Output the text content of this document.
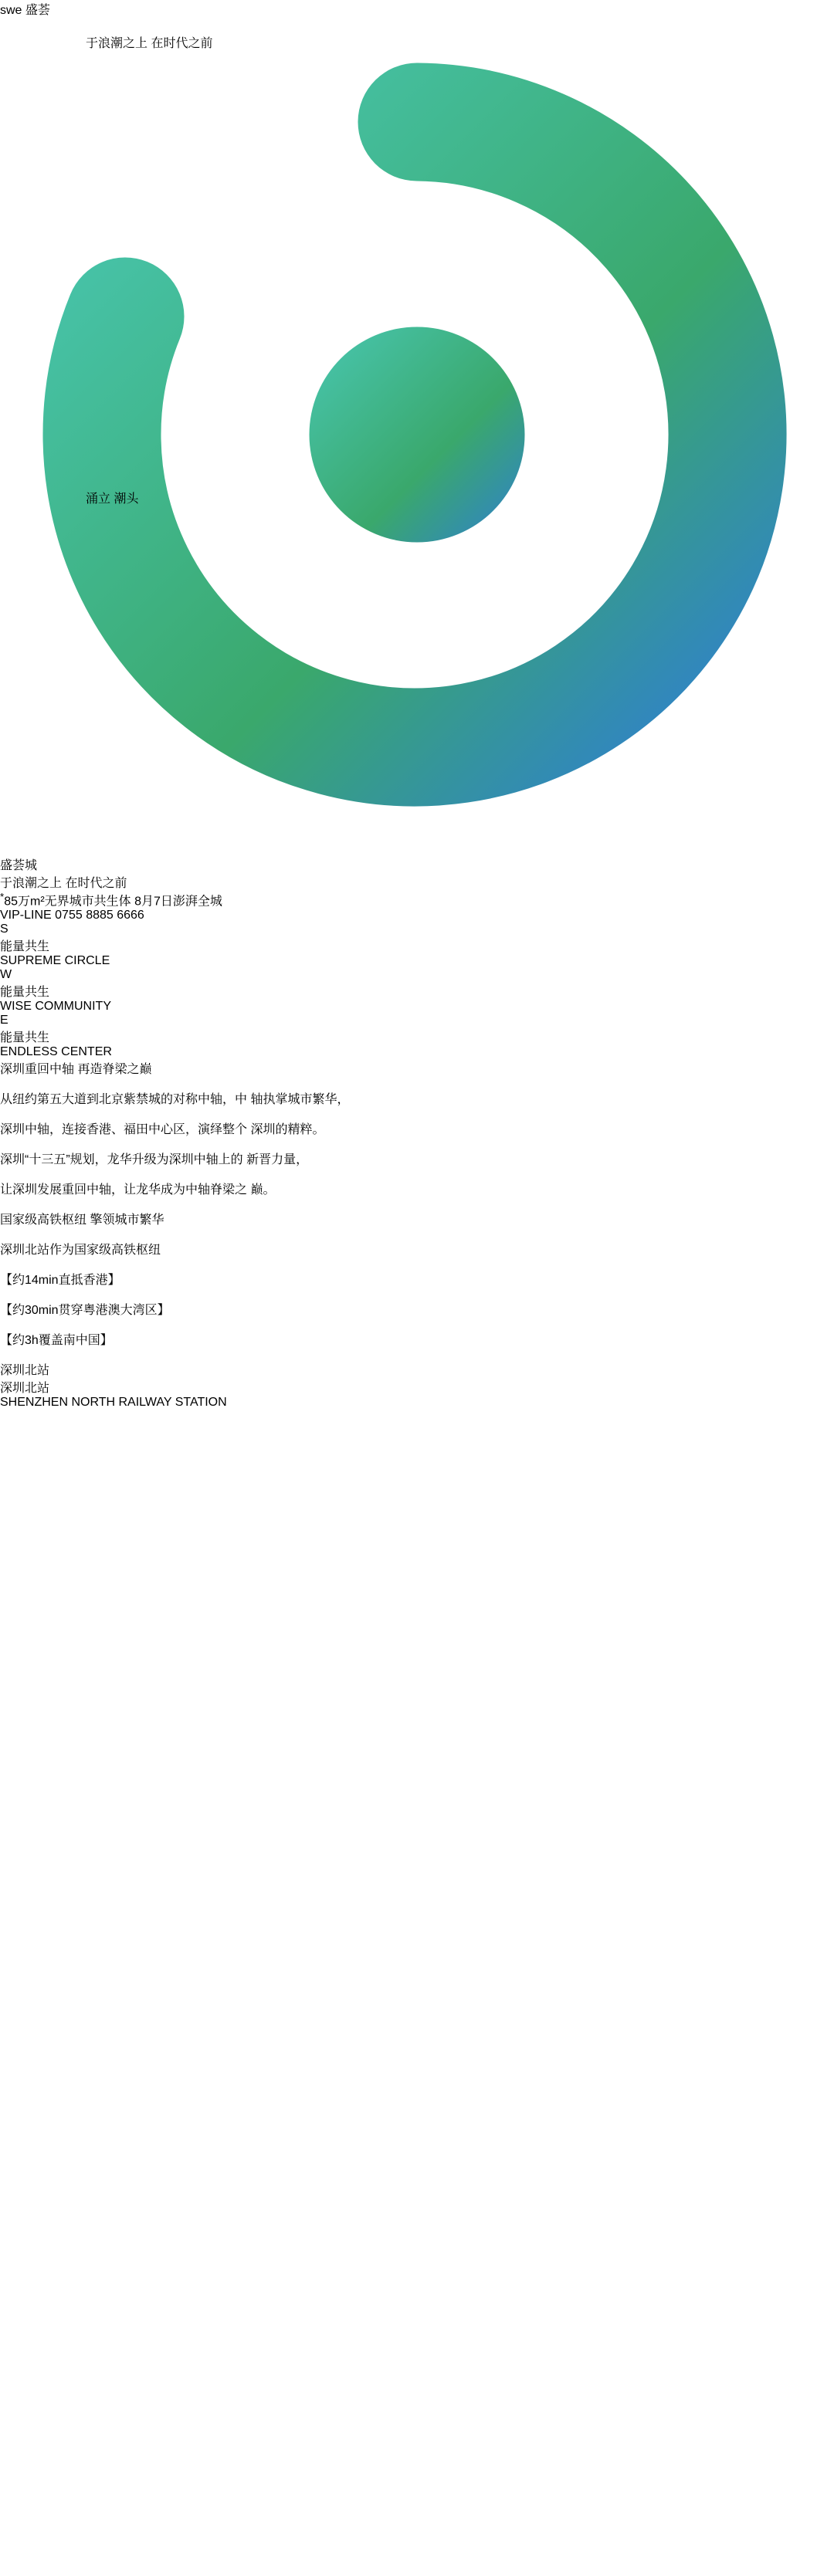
于浪潮之上 在时代之前
swe 盛荟  盛荟城
于浪潮之上 在时代之前
*85万m²无界城市共生体 8月7日澎湃全城
VIP-LINE 0755 8885 6666
S
能量共生
SUPREME CIRCLE
W
能量共生
WISE COMMUNITY
E
能量共生
ENDLESS CENTER
涌立 潮头
深圳重回中轴 再造脊梁之巅

从纽约第五大道到北京紫禁城的对称中轴，中 轴执掌城市繁华，

深圳中轴，连接香港、福田中心区，演绎整个 深圳的精粹。

深圳“十三五”规划，龙华升级为深圳中轴上的 新晋力量，

让深圳发展重回中轴，让龙华成为中轴脊梁之 巅。

国家级高铁枢纽 擎领城市繁华

深圳北站作为国家级高铁枢纽

【约14min直抵香港】

【约30min贯穿粤港澳大湾区】

【约3h覆盖南中国】

深圳北站
深圳北站
SHENZHEN NORTH RAILWAY STATION
